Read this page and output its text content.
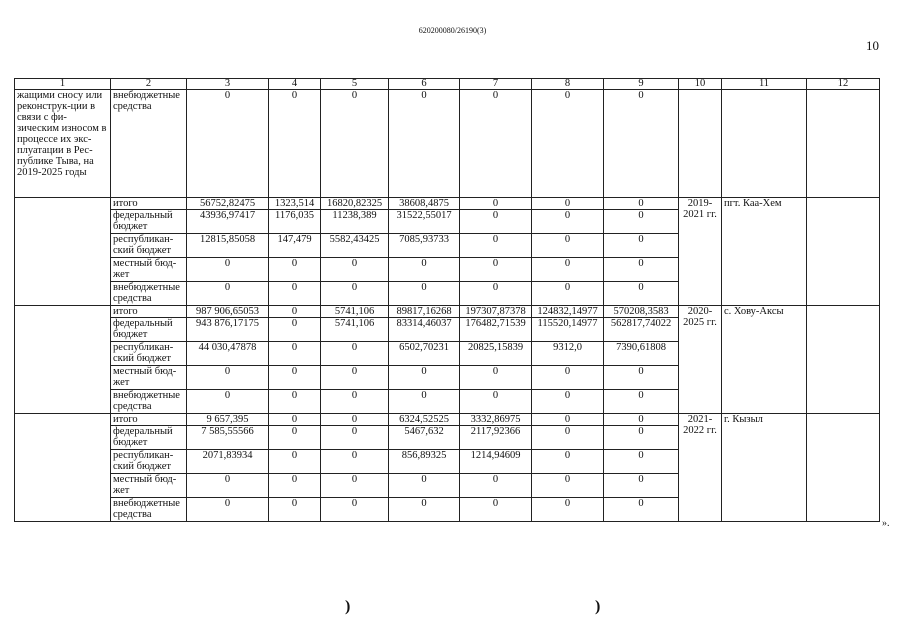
620200080/26190(3)
10
1	2	3	4	5	6	7	8	9	10	11	12
жащими сносу или реконструк-ции в связи с фи-зическим износом в процессе их экс-плуатации в Рес-публике Тыва, на 2019-2025 годы	внебюджетные средства	0	0	0	0	0	0	0			
	итого	56752,82475	1323,514	16820,82325	38608,4875	0	0	0	2019-2021 гг.	пгт. Каа-Хем	
	федеральный бюджет	43936,97417	1176,035	11238,389	31522,55017	0	0	0			
	республикан-ский бюджет	12815,85058	147,479	5582,43425	7085,93733	0	0	0			
	местный бюд-жет	0	0	0	0	0	0	0			
	внебюджетные средства	0	0	0	0	0	0	0			
	итого	987 906,65053	0	5741,106	89817,16268	197307,87378	124832,14977	570208,3583	2020-2025 гг.	с. Хову-Аксы	
	федеральный бюджет	943 876,17175	0	5741,106	83314,46037	176482,71539	115520,14977	562817,74022			
	республикан-ский бюджет	44 030,47878	0	0	6502,70231	20825,15839	9312,0	7390,61808			
	местный бюд-жет	0	0	0	0	0	0	0			
	внебюджетные средства	0	0	0	0	0	0	0			
	итого	9 657,395	0	0	6324,52525	3332,86975	0	0	2021-2022 гг.	г. Кызыл	
	федеральный бюджет	7 585,55566	0	0	5467,632	2117,92366	0	0			
	республикан-ский бюджет	2071,83934	0	0	856,89325	1214,94609	0	0			
	местный бюд-жет	0	0	0	0	0	0	0			
	внебюджетные средства	0	0	0	0	0	0	0			
».
)	)
